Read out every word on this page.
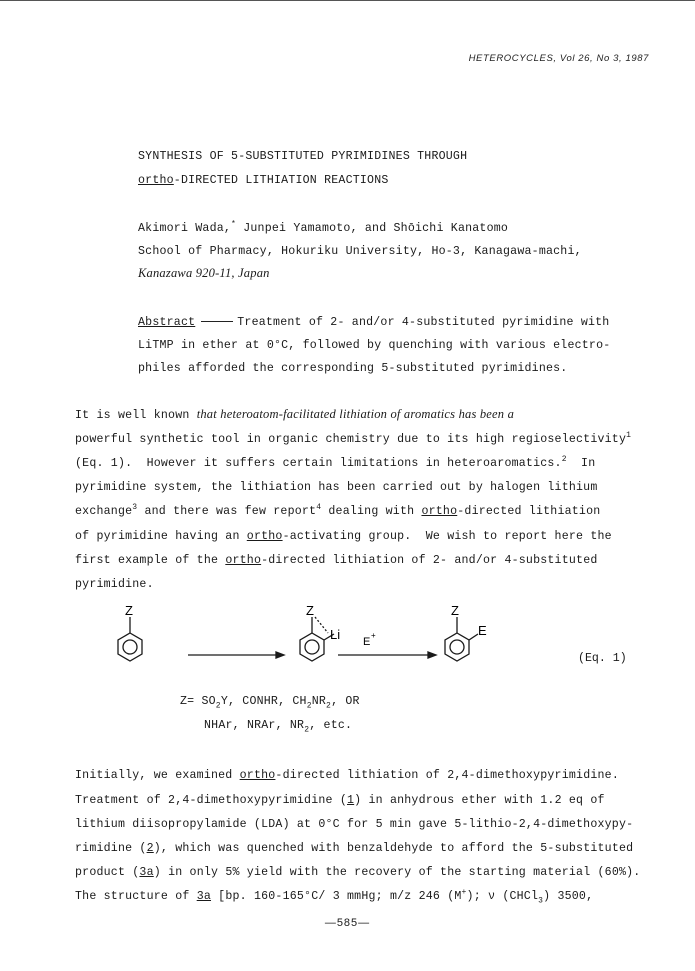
HETEROCYCLES, Vol 26, No 3, 1987
SYNTHESIS OF 5-SUBSTITUTED PYRIMIDINES THROUGH
ortho-DIRECTED LITHIATION REACTIONS
Akimori Wada,* Junpei Yamamoto, and Shōichi Kanatomo
School of Pharmacy, Hokuriku University, Ho-3, Kanagawa-machi,
Kanazawa 920-11, Japan
Abstract	Treatment of 2- and/or 4-substituted pyrimidine with
LiTMP in ether at 0°C, followed by quenching with various electro-
philes afforded the corresponding 5-substituted pyrimidines.
It is well known that heteroatom-facilitated lithiation of aromatics has been a
powerful synthetic tool in organic chemistry due to its high regioselectivity$^1$
(Eq. 1).  However it suffers certain limitations in heteroaromatics.$^2$  In
pyrimidine system, the lithiation has been carried out by halogen lithium
exchange$^3$ and there was few report$^4$ dealing with ortho-directed lithiation
of pyrimidine having an ortho-activating group.  We wish to report here the
first example of the ortho-directed lithiation of 2- and/or 4-substituted
pyrimidine.
Z	Z
Li E
+
Z
E
(Eq. 1)
$Z= SO_2Y$, CONHR, $CH_2NR_2$, OR
NHAr, NRAr, $NR_2$, etc.
Initially, we examined ortho-directed lithiation of 2,4-dimethoxypyrimidine.
Treatment of 2,4-dimethoxypyrimidine (1) in anhydrous ether with 1.2 eq of
lithium diisopropylamide (LDA) at 0°C for 5 min gave 5-lithio-2,4-dimethoxypy-
rimidine (2), which was quenched with benzaldehyde to afford the 5-substituted
product (3a) in only 5% yield with the recovery of the starting material (60%).
The structure of 3a [bp. 160-165°C/ 3 mmHg; m/z 246 (M+); ν (CHCl$_3$) 3500,
—585—
